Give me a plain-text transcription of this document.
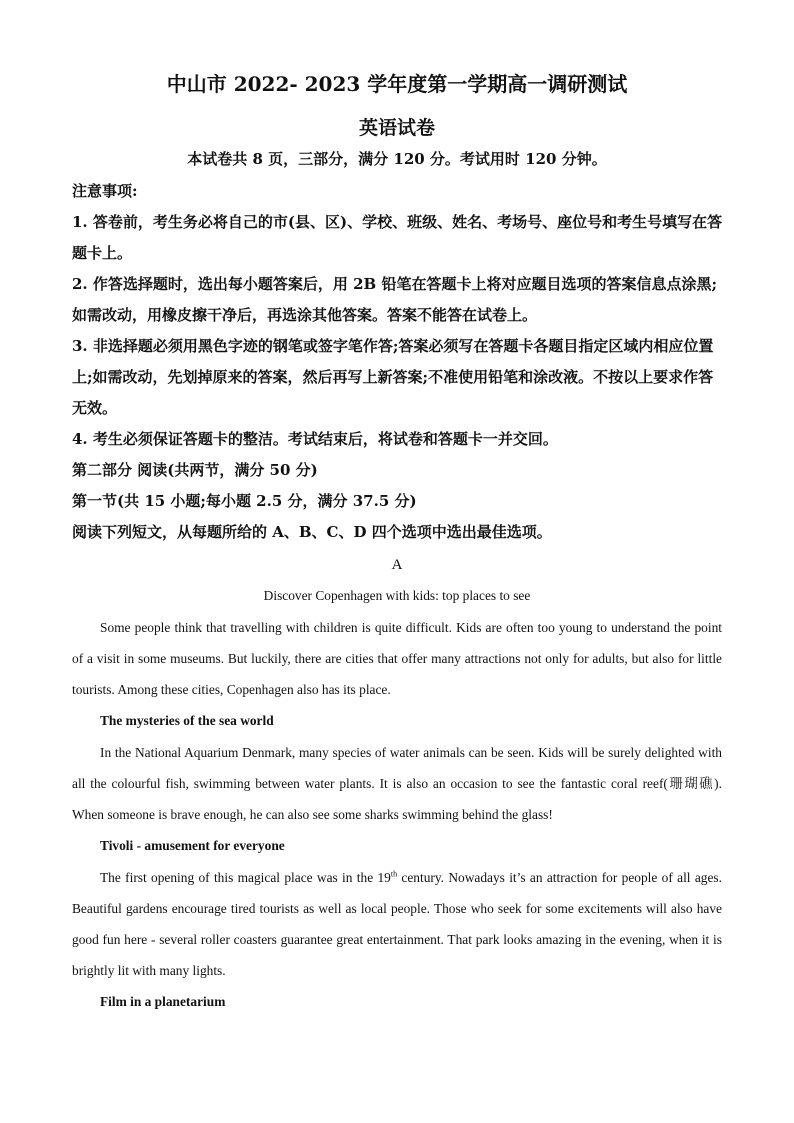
中山市 2022- 2023 学年度第一学期高一调研测试
英语试卷
本试卷共 8 页，三部分，满分 120 分。考试用时 120 分钟。
注意事项:
1. 答卷前，考生务必将自己的市(县、区)、学校、班级、姓名、考场号、座位号和考生号填写在答题卡上。
2. 作答选择题时，选出每小题答案后，用 2B 铅笔在答题卡上将对应题目选项的答案信息点涂黑;如需改动，用橡皮擦干净后，再选涂其他答案。答案不能答在试卷上。
3. 非选择题必须用黑色字迹的钢笔或签字笔作答;答案必须写在答题卡各题目指定区域内相应位置上;如需改动，先划掉原来的答案，然后再写上新答案;不准使用铅笔和涂改液。不按以上要求作答无效。
4. 考生必须保证答题卡的整洁。考试结束后，将试卷和答题卡一并交回。
第二部分 阅读(共两节，满分 50 分)
第一节(共 15 小题;每小题 2.5 分，满分 37.5 分)
阅读下列短文，从每题所给的 A、B、C、D 四个选项中选出最佳选项。
A
Discover Copenhagen with kids: top places to see

Some people think that travelling with children is quite difficult. Kids are often too young to understand the point of a visit in some museums. But luckily, there are cities that offer many attractions not only for adults, but also for little tourists. Among these cities, Copenhagen also has its place.

The mysteries of the sea world

In the National Aquarium Denmark, many species of water animals can be seen. Kids will be surely delighted with all the colourful fish, swimming between water plants. It is also an occasion to see the fantastic coral reef(珊瑚礁). When someone is brave enough, he can also see some sharks swimming behind the glass!

Tivoli - amusement for everyone

The first opening of this magical place was in the 19th century. Nowadays it’s an attraction for people of all ages. Beautiful gardens encourage tired tourists as well as local people. Those who seek for some excitements will also have good fun here - several roller coasters guarantee great entertainment. That park looks amazing in the evening, when it is brightly lit with many lights.

Film in a planetarium
